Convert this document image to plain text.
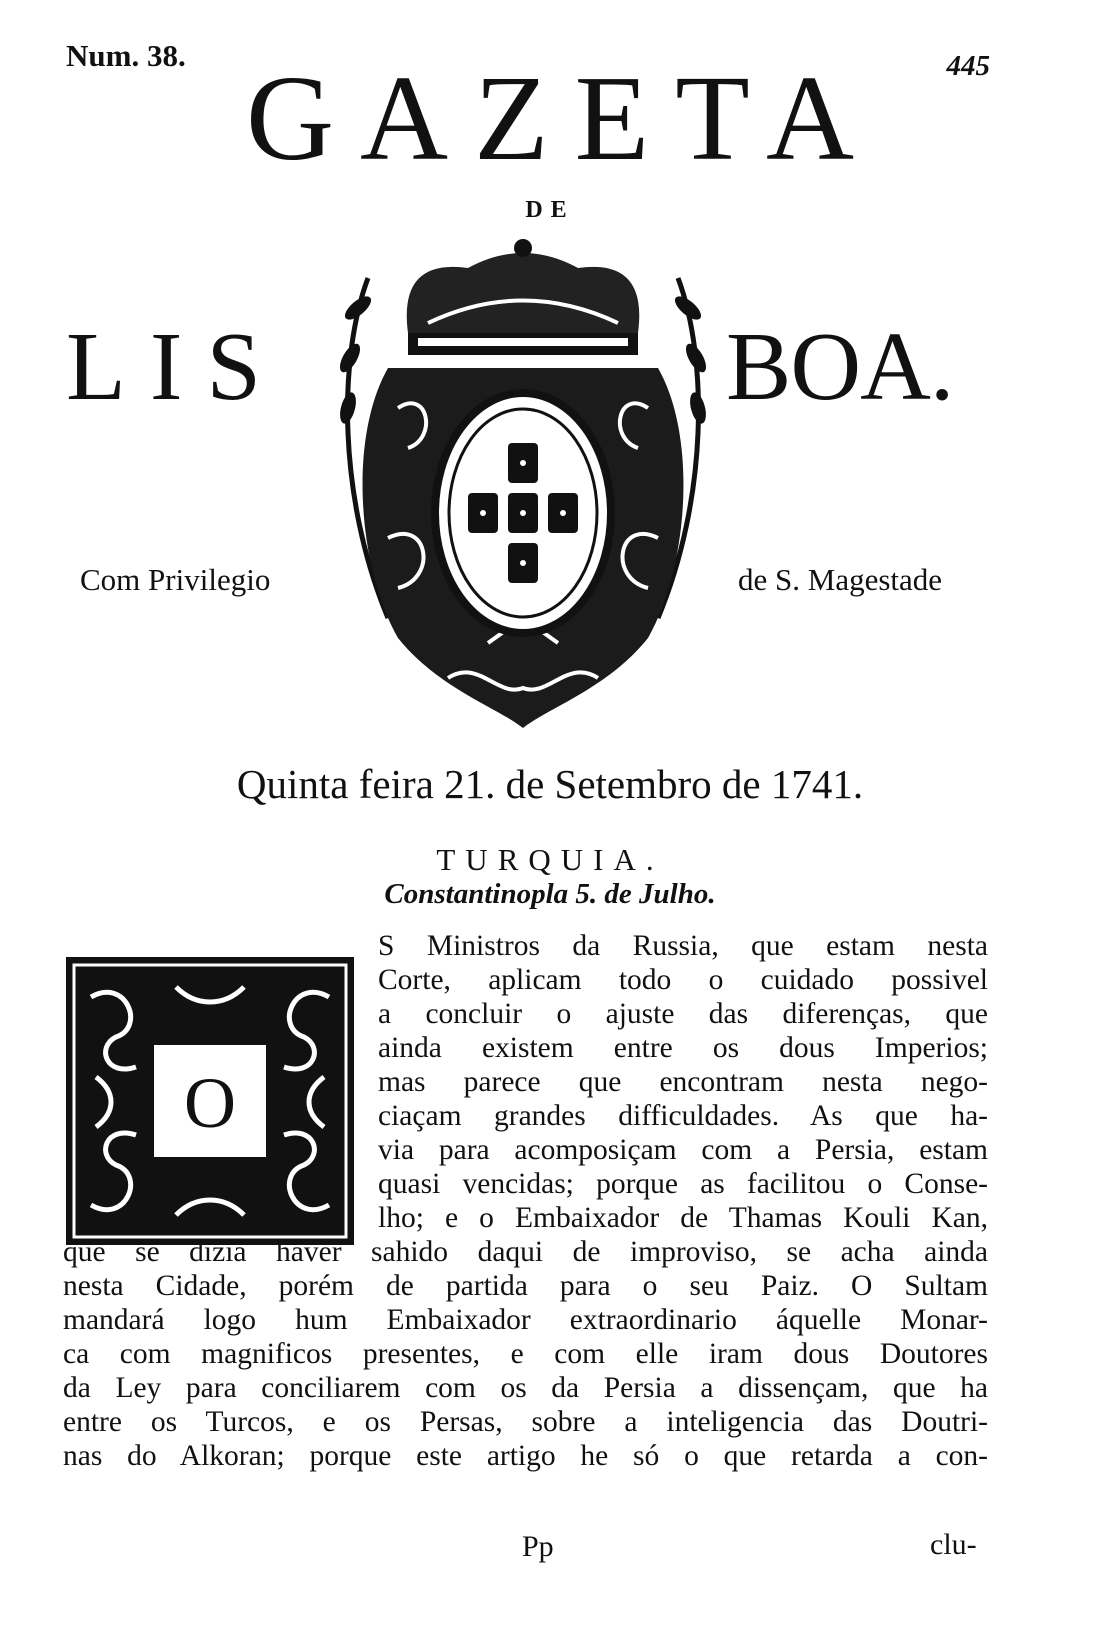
Num. 38.	445
GAZETA
DE
LIS	BOA.
Com Privilegio	de S. Magestade
Quinta feira 21. de Setembro de 1741.
TURQUIA.
Constantinopla 5. de Julho.
O
S Ministros da Russia, que estam nesta
Corte, aplicam todo o cuidado possivel
a concluir o ajuste das diferenças, que
ainda existem entre os dous Imperios;
mas parece que encontram nesta nego-
ciaçam grandes difficuldades. As que ha-
via para acomposiçam com a Persia, estam
quasi vencidas; porque as facilitou o Conse-
lho; e o Embaixador de Thamas Kouli Kan,
que se dizia haver sahido daqui de improviso, se acha ainda
nesta Cidade, porém de partida para o seu Paiz. O Sultam
mandará logo hum Embaixador extraordinario áquelle Monar-
ca com magnificos presentes, e com elle iram dous Doutores
da Ley para conciliarem com os da Persia a dissençam, que ha
entre os Turcos, e os Persas, sobre a inteligencia das Doutri-
nas do Alkoran; porque este artigo he só o que retarda a con-
Pp	clu-
